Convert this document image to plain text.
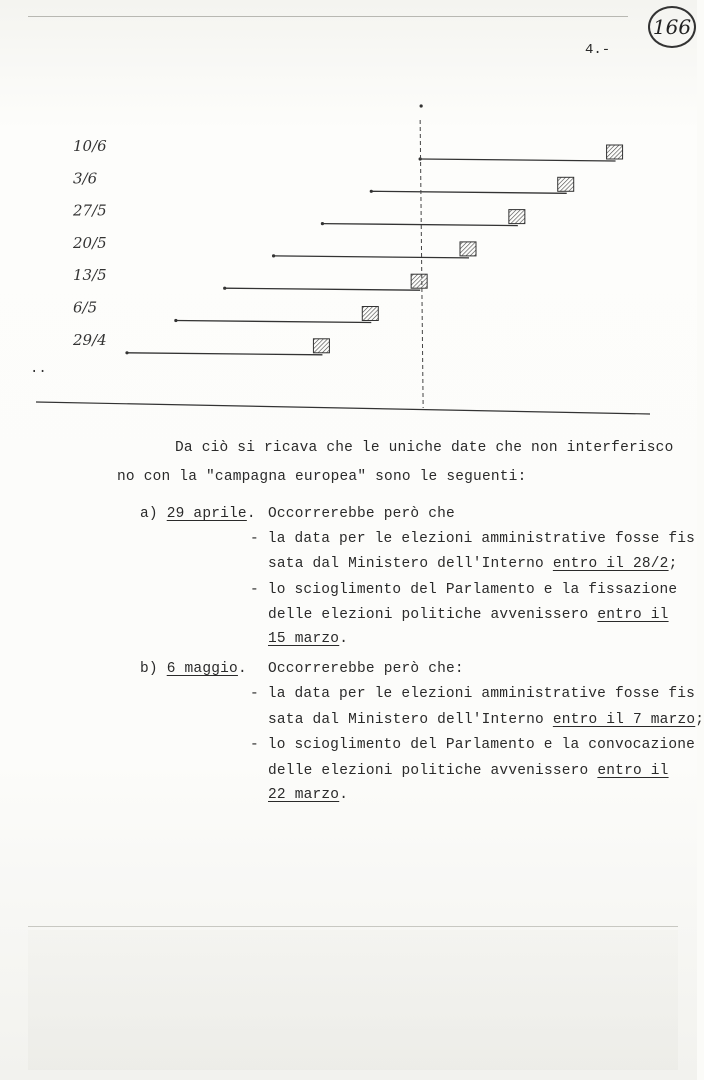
166
4.-
10/6
3/6
27/5
20/5
13/5
6/5
29/4
..
Da ciò si ricava che le uniche date che non interferisco
no con la "campagna europea" sono le seguenti:
a) 29 aprile. Occorrerebbe però che
- la data per le elezioni amministrative fosse fis
sata dal Ministero dell'Interno entro il 28/2;
- lo scioglimento del Parlamento e la fissazione
delle elezioni politiche avvenissero entro il
15 marzo.
b) 6 maggio. Occorrerebbe però che:
- la data per le elezioni amministrative fosse fis
sata dal Ministero dell'Interno entro il 7 marzo;
- lo scioglimento del Parlamento e la convocazione
delle elezioni politiche avvenissero entro il
22 marzo.
